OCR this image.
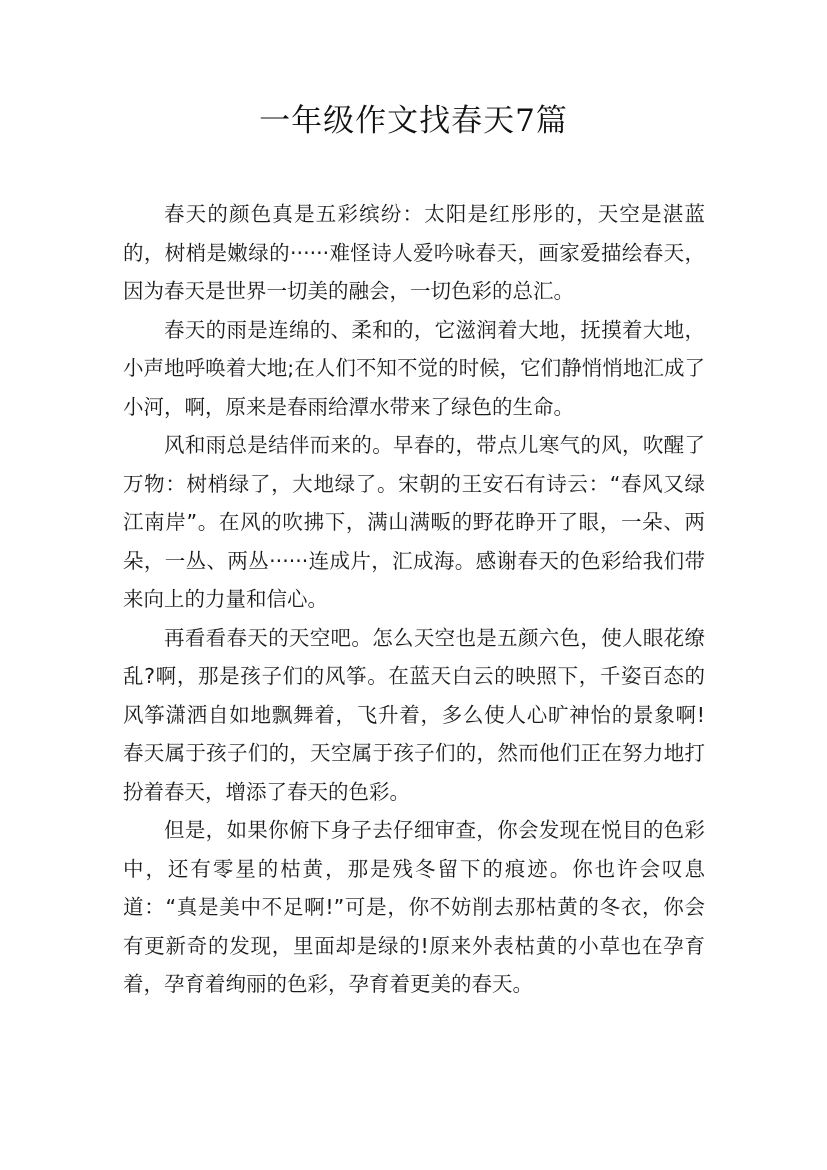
一年级作文找春天7篇

春天的颜色真是五彩缤纷：太阳是红彤彤的，天空是湛蓝的，树梢是嫩绿的······难怪诗人爱吟咏春天，画家爱描绘春天，因为春天是世界一切美的融会，一切色彩的总汇。

春天的雨是连绵的、柔和的，它滋润着大地，抚摸着大地，小声地呼唤着大地;在人们不知不觉的时候，它们静悄悄地汇成了小河，啊，原来是春雨给潭水带来了绿色的生命。

风和雨总是结伴而来的。早春的，带点儿寒气的风，吹醒了万物：树梢绿了，大地绿了。宋朝的王安石有诗云：“春风又绿江南岸”。在风的吹拂下，满山满畈的野花睁开了眼，一朵、两朵，一丛、两丛······连成片，汇成海。感谢春天的色彩给我们带来向上的力量和信心。

再看看春天的天空吧。怎么天空也是五颜六色，使人眼花缭乱?啊，那是孩子们的风筝。在蓝天白云的映照下，千姿百态的风筝潇洒自如地飘舞着，飞升着，多么使人心旷神怡的景象啊!春天属于孩子们的，天空属于孩子们的，然而他们正在努力地打扮着春天，增添了春天的色彩。

但是，如果你俯下身子去仔细审查，你会发现在悦目的色彩中，还有零星的枯黄，那是残冬留下的痕迹。你也许会叹息道：“真是美中不足啊!”可是，你不妨削去那枯黄的冬衣，你会有更新奇的发现，里面却是绿的!原来外表枯黄的小草也在孕育着，孕育着绚丽的色彩，孕育着更美的春天。
